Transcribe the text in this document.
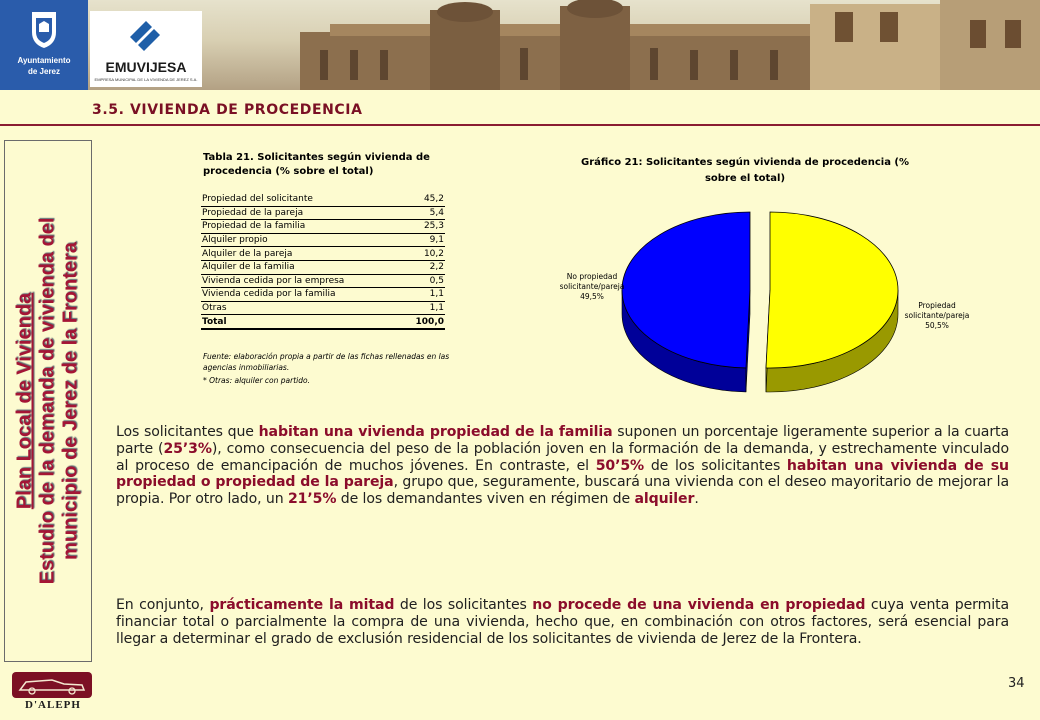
Ayuntamiento
de Jerez	EMUVIJESA
EMPRESA MUNICIPAL DE LA VIVIENDA DE JEREZ S.A.
3.5. VIVIENDA DE PROCEDENCIA
Plan Local de Vivienda Estudio de la demanda de vivienda del municipio de Jerez de la Frontera
D'ALEPH
Tabla 21. Solicitantes según vivienda de procedencia (% sobre el total)
Propiedad del solicitante	45,2
Propiedad de la pareja	5,4
Propiedad de la familia	25,3
Alquiler propio	9,1
Alquiler de la pareja	10,2
Alquiler de la familia	2,2
Vivienda cedida por la empresa	0,5
Vivienda cedida por la familia	1,1
Otras	1,1
Total	100,0
Fuente: elaboración propia a partir de las fichas rellenadas en las agencias inmobiliarias.
* Otras: alquiler con partido.
Gráfico 21: Solicitantes según vivienda de procedencia (% sobre el total)
Propiedad solicitante/pareja
50,5%
No propiedad solicitante/pareja
49,5%
Los solicitantes que habitan una vivienda propiedad de la familia suponen un porcentaje ligeramente superior a la cuarta parte (25’3%), como consecuencia del peso de la población joven en la formación de la demanda, y estrechamente vinculado al proceso de emancipación de muchos jóvenes. En contraste, el 50’5% de los solicitantes habitan una vivienda de su propiedad o propiedad de la pareja, grupo que, seguramente, buscará una vivienda con el deseo mayoritario de mejorar la propia. Por otro lado, un 21’5% de los demandantes viven en régimen de alquiler.
En conjunto, prácticamente la mitad de los solicitantes no procede de una vivienda en propiedad cuya venta permita financiar total o parcialmente la compra de una vivienda, hecho que, en combinación con otros factores, será esencial para llegar a determinar el grado de exclusión residencial de los solicitantes de vivienda de Jerez de la Frontera.
34
